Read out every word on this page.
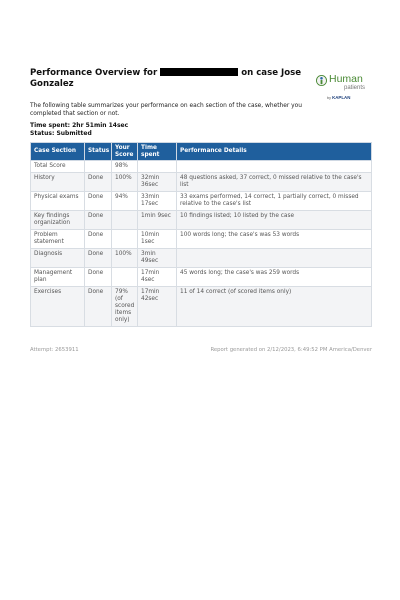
Performance Overview for	on case Jose Gonzalez	Human
patients
by KAPLAN
The following table summarizes your performance on each section of the case, whether you completed that section or not.
Time spent: 2hr 51min 14sec
Status: Submitted
Case Section	Status	Your Score	Time spent	Performance Details
Total Score		98%		
History	Done	100%	32min 36sec	48 questions asked, 37 correct, 0 missed relative to the case's list
Physical exams	Done	94%	33min 17sec	33 exams performed, 14 correct, 1 partially correct, 0 missed relative to the case's list
Key findings organization	Done		1min 9sec	10 findings listed; 10 listed by the case
Problem statement	Done		10min 1sec	100 words long; the case's was 53 words
Diagnosis	Done	100%	3min 49sec	
Management plan	Done		17min 4sec	45 words long; the case's was 259 words
Exercises	Done	79% (of scored items only)	17min 42sec	11 of 14 correct (of scored items only)
Attempt: 2653911	Report generated on 2/12/2023, 6:49:52 PM America/Denver
